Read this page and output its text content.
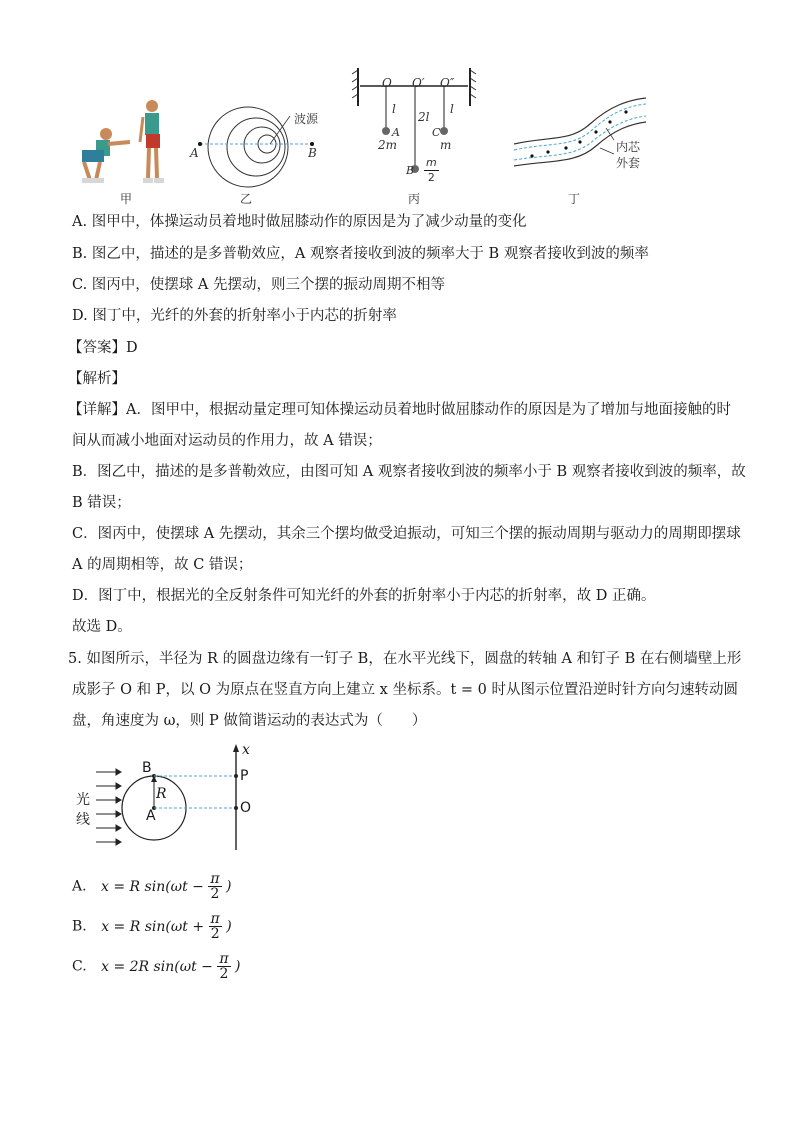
甲
波源
A	B
乙
O O′ O″
l
2l
l
A
2m
C
m
B $\frac{m}{2}$
丙
内芯
外套
丁
A. 图甲中，体操运动员着地时做屈膝动作的原因是为了减少动量的变化
B. 图乙中，描述的是多普勒效应，A 观察者接收到波的频率大于 B 观察者接收到波的频率
C. 图丙中，使摆球 A 先摆动，则三个摆的振动周期不相等
D. 图丁中，光纤的外套的折射率小于内芯的折射率
【答案】D
【解析】
【详解】A．图甲中，根据动量定理可知体操运动员着地时做屈膝动作的原因是为了增加与地面接触的时
间从而减小地面对运动员的作用力，故 A 错误；
B．图乙中，描述的是多普勒效应，由图可知 A 观察者接收到波的频率小于 B 观察者接收到波的频率，故
B 错误；
C．图丙中，使摆球 A 先摆动，其余三个摆均做受迫振动，可知三个摆的振动周期与驱动力的周期即摆球
A 的周期相等，故 C 错误；
D．图丁中，根据光的全反射条件可知光纤的外套的折射率小于内芯的折射率，故 D 正确。
故选 D。
5. 如图所示，半径为 R 的圆盘边缘有一钉子 B，在水平光线下，圆盘的转轴 A 和钉子 B 在右侧墙壁上形
成影子 O 和 P，以 O 为原点在竖直方向上建立 x 坐标系。t = 0 时从图示位置沿逆时针方向匀速转动圆
盘，角速度为 ω，则 P 做简谐运动的表达式为（　　）
光线
B
R
A
x
P
O
A. x = R $\sin(\omega t - \frac{\pi}{2}$ )
B. x = R $\sin(\omega t + \frac{\pi}{2}$ )
C. x = 2R $\sin(\omega t - \frac{\pi}{2}$ )
